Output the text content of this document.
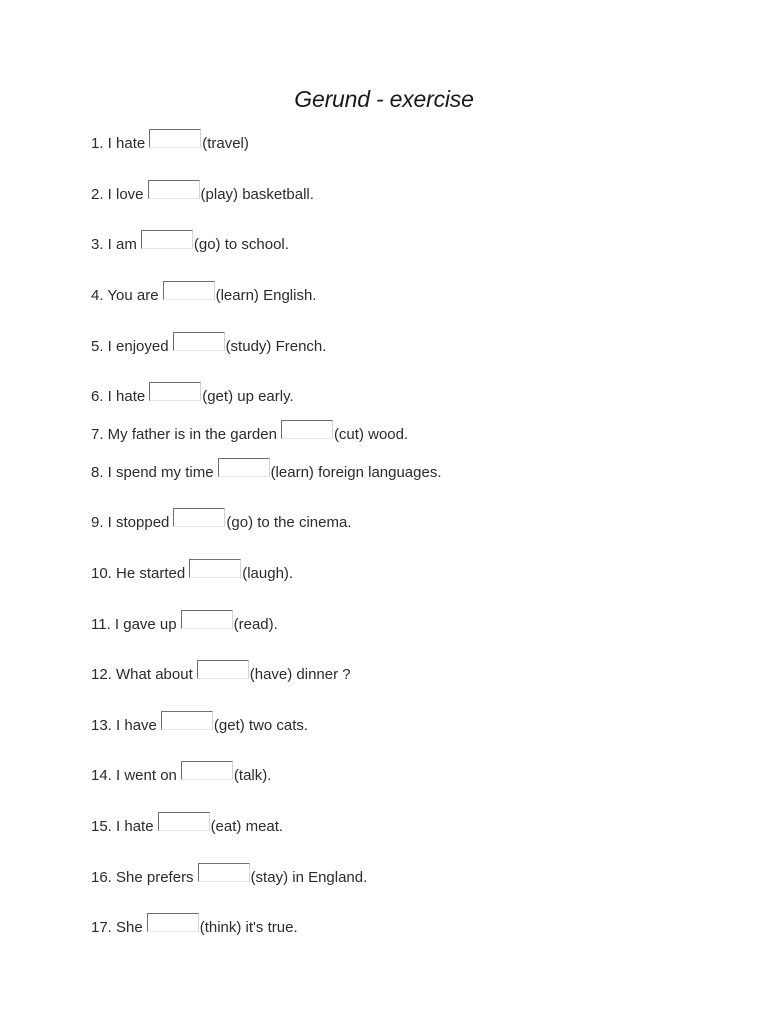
Gerund - exercise
1. I hate	(travel)
2. I love	(play) basketball.
3. I am	(go) to school.
4. You are	(learn) English.
5. I enjoyed	(study) French.
6. I hate	(get) up early.
7. My father is in the garden	(cut) wood.
8. I spend my time	(learn) foreign languages.
9. I stopped	(go) to the cinema.
10. He started	(laugh).
11. I gave up	(read).
12. What about	(have) dinner ?
13. I have	(get) two cats.
14. I went on	(talk).
15. I hate	(eat) meat.
16. She prefers	(stay) in England.
17. She	(think) it's true.
